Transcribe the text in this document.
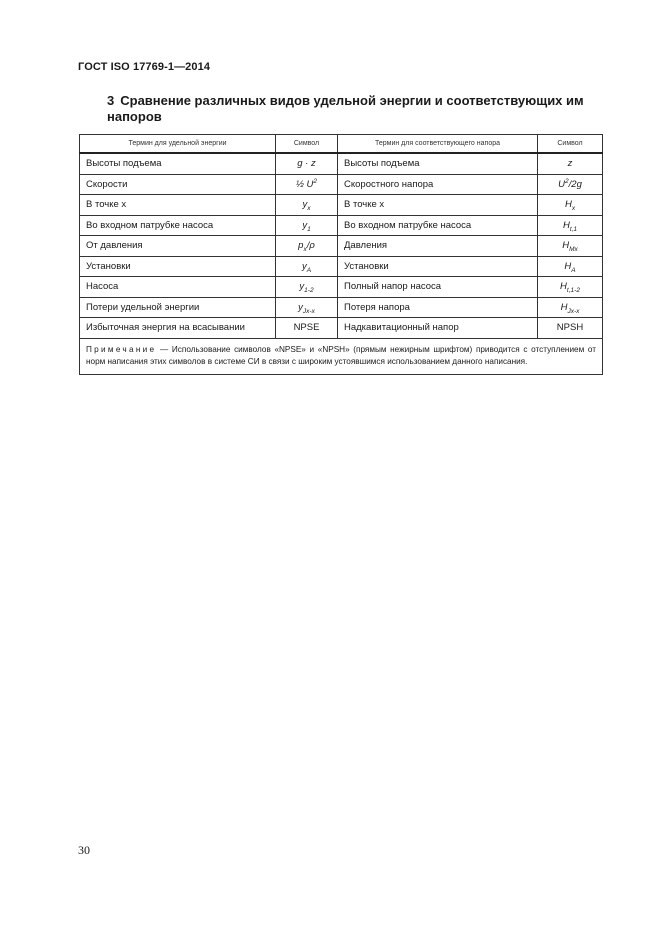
ГОСТ ISO 17769-1—2014
3 Сравнение различных видов удельной энергии и соответствующих им
напоров
Термин для удельной энергии	Символ	Термин для соответствующего напора	Символ
Высоты подъема	g · z	Высоты подъема	z
Скорости	½ $U^2$	Скоростного напора	$U^2/2g$
В точке x	$y_x$	В точке x	$H_x$
Во входном патрубке насоса	$y_1$	Во входном патрубке насоса	$H_{t,1}$
От давления	$p_x/\rho$	Давления	$H_{Mx}$
Установки	$y_A$	Установки	$H_A$
Насоса	$y_{1-2}$	Полный напор насоса	$H_{t,1-2}$
Потери удельной энергии	$y_{Jx-x}$	Потеря напора	$H_{Jx-x}$
Избыточная энергия на всасывании	NPSE	Надкавитационный напор	NPSH
Примечание — Использование символов «NPSE» и «NPSH» (прямым нежирным шрифтом) приводится с отступлением от норм написания этих символов в системе СИ в связи с широким устоявшимся использованием данного написания.			
30
